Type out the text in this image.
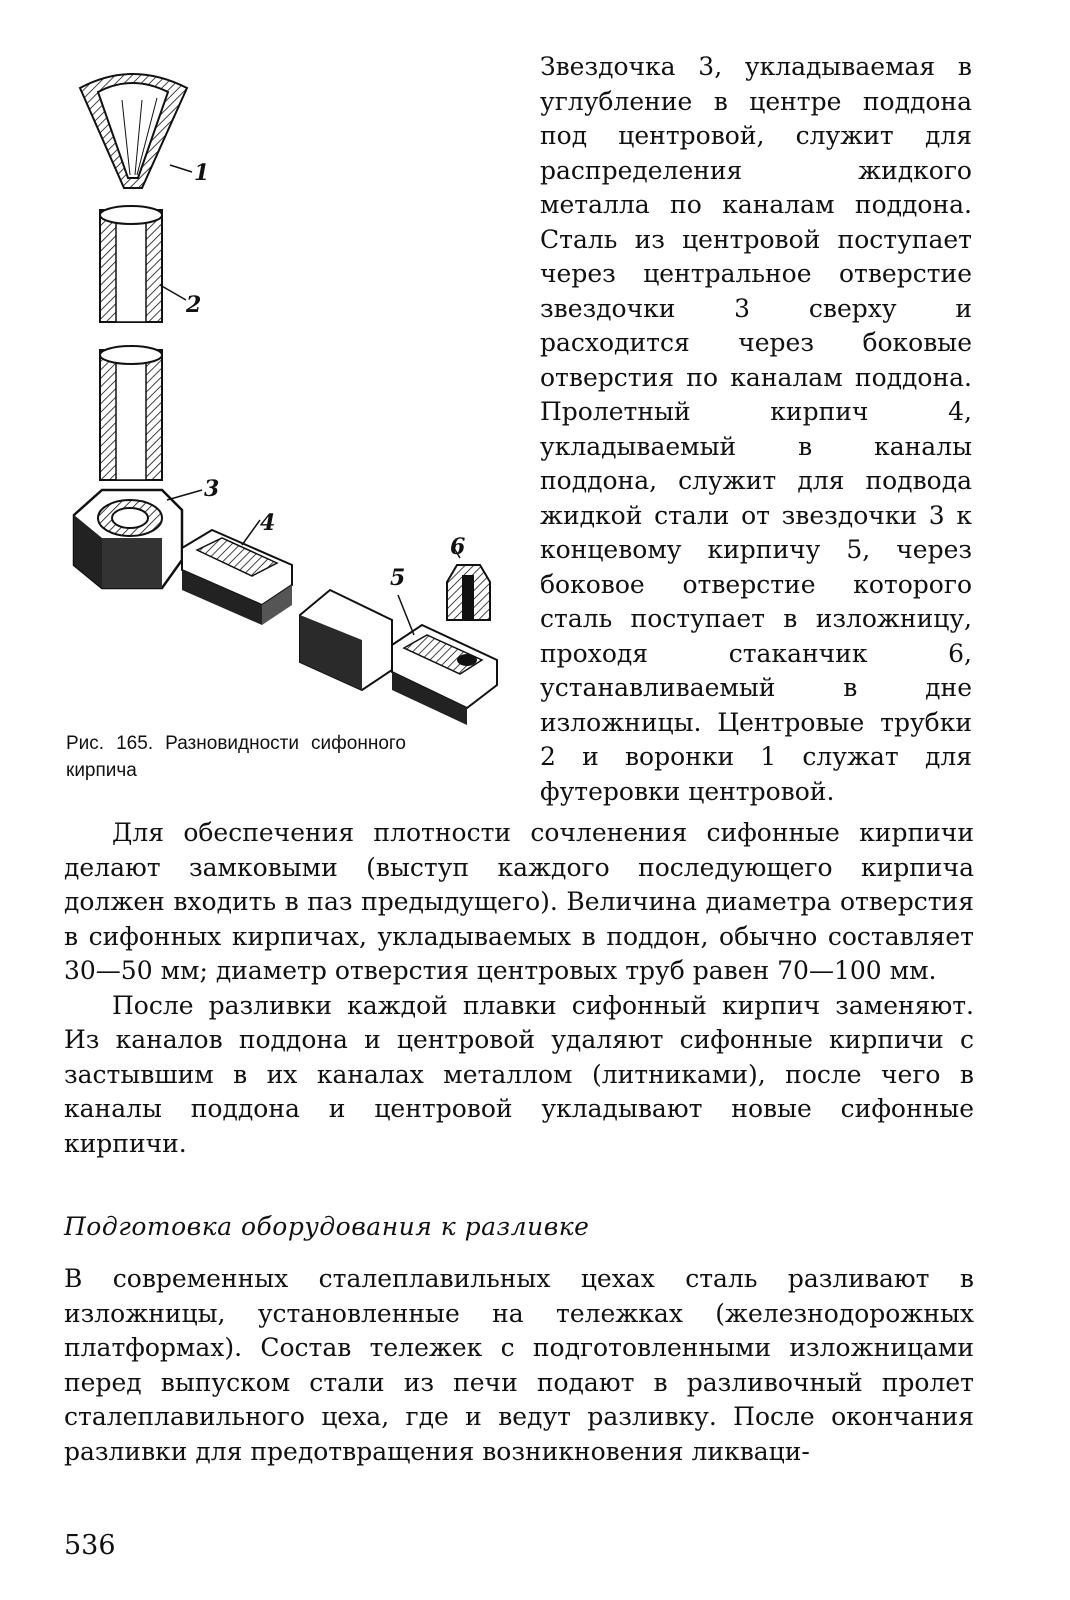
1
2
3
4
5
6
Рис. 165. Разновидности сифонного кирпича

Звездочка 3, укладываемая в углубление в центре поддона под центровой, служит для распределения жидкого металла по каналам поддона. Сталь из центровой поступает через центральное отверстие звездочки 3 сверху и расходится через боковые отверстия по каналам поддона. Пролетный кирпич 4, укладываемый в каналы поддона, служит для подвода жидкой стали от звездочки 3 к концевому кирпичу 5, через боковое отверстие которого сталь поступает в изложницу, проходя стаканчик 6, устанавливаемый в дне изложницы. Центровые трубки 2 и воронки 1 служат для футеровки центровой.

Для обеспечения плотности сочленения сифонные кирпичи делают замковыми (выступ каждого последующего кирпича должен входить в паз предыдущего). Величина диаметра отверстия в сифонных кирпичах, укладываемых в поддон, обычно составляет 30—50 мм; диаметр отверстия центровых труб равен 70—100 мм.

После разливки каждой плавки сифонный кирпич заменяют. Из каналов поддона и центровой удаляют сифонные кирпичи с застывшим в их каналах металлом (литниками), после чего в каналы поддона и центровой укладывают новые сифонные кирпичи.

Подготовка оборудования к разливке

В современных сталеплавильных цехах сталь разливают в изложницы, установленные на тележках (железнодорожных платформах). Состав тележек с подготовленными изложницами перед выпуском стали из печи подают в разливочный пролет сталеплавильного цеха, где и ведут разливку. После окончания разливки для предотвращения возникновения ликваци-

536
